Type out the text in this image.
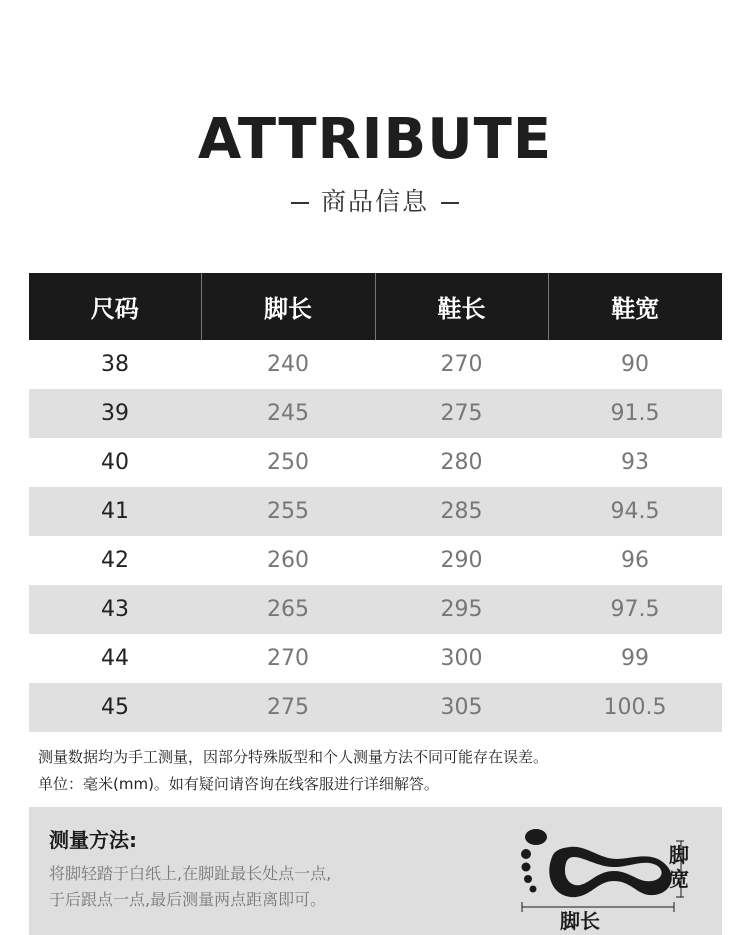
ATTRIBUTE
商品信息
尺码	脚长	鞋长	鞋宽
38	240	270	90
39	245	275	91.5
40	250	280	93
41	255	285	94.5
42	260	290	96
43	265	295	97.5
44	270	300	99
45	275	305	100.5
测量数据均为手工测量，因部分特殊版型和个人测量方法不同可能存在误差。
单位：毫米(mm)。如有疑问请咨询在线客服进行详细解答。
测量方法:
将脚轻踏于白纸上,在脚趾最长处点一点,
于后跟点一点,最后测量两点距离即可。
脚长
脚宽
